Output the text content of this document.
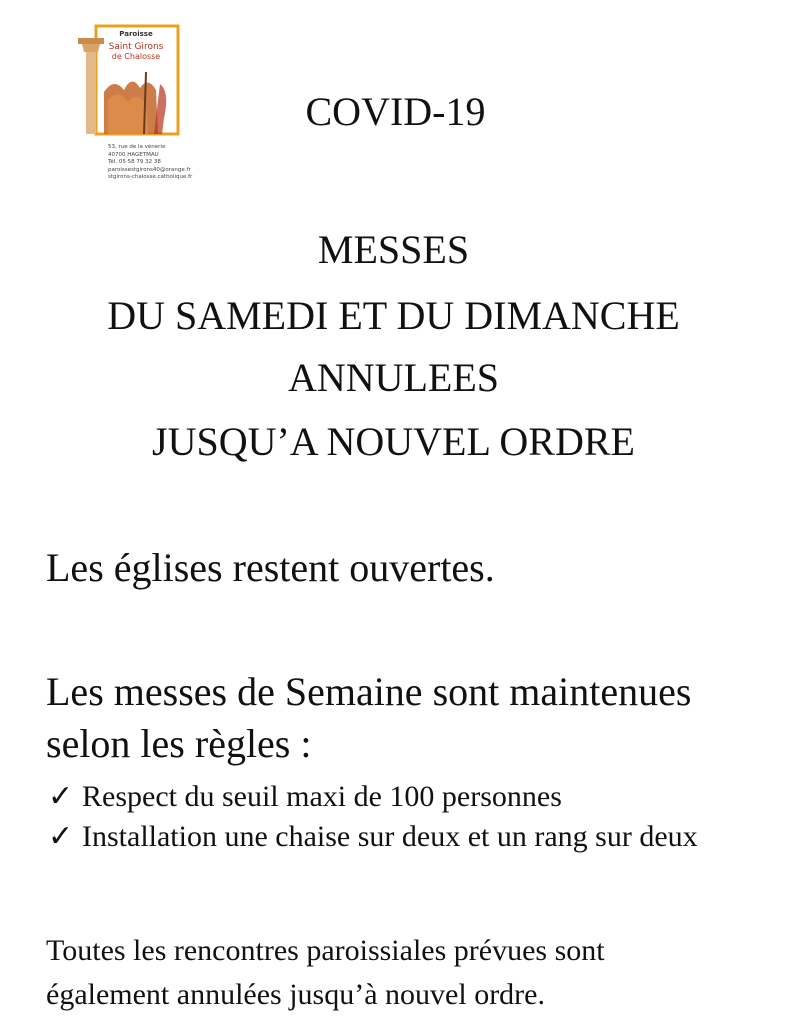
Paroisse
Saint Girons
de Chalosse
53, rue de la vènerie
40700 HAGETMAU
Tél. 05 58 79 32 38
paroissestgirons40@orange.fr
stgirons-chalosse.catholique.fr
COVID-19
MESSES
DU SAMEDI ET DU DIMANCHE
ANNULEES
JUSQU’A NOUVEL ORDRE
Les églises restent ouvertes.
Les messes de Semaine sont maintenues
selon les règles :
✓ Respect du seuil maxi de 100 personnes
✓ Installation une chaise sur deux et un rang sur deux
Toutes les rencontres paroissiales prévues sont
également annulées jusqu’à nouvel ordre.
